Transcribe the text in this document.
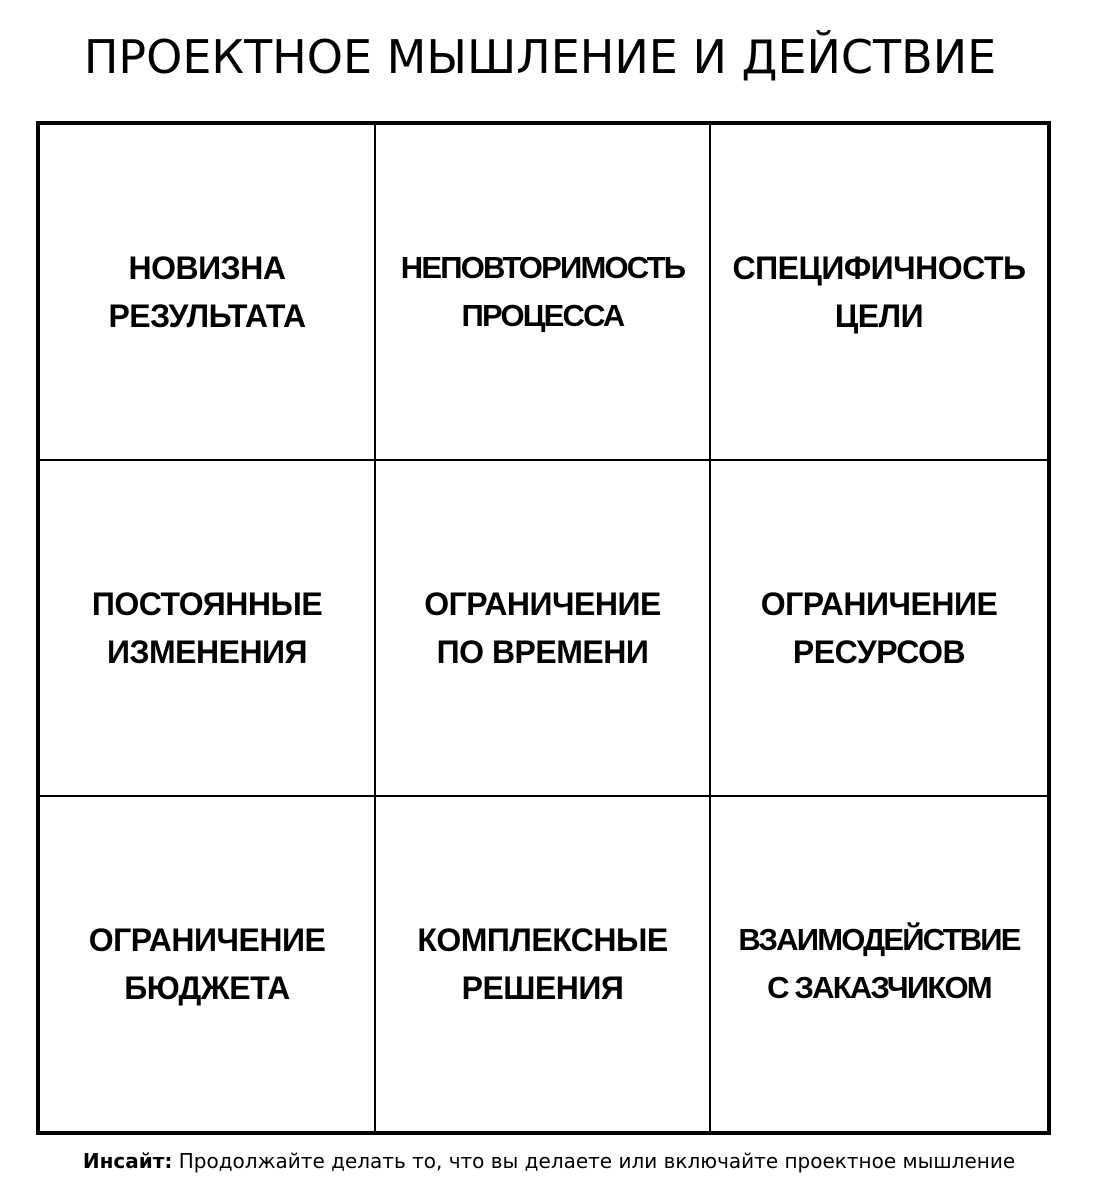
ПРОЕКТНОЕ МЫШЛЕНИЕ И ДЕЙСТВИЕ
НОВИЗНА
РЕЗУЛЬТАТА
НЕПОВТОРИМОСТЬ
ПРОЦЕССА
СПЕЦИФИЧНОСТЬ
ЦЕЛИ
ПОСТОЯННЫЕ
ИЗМЕНЕНИЯ
ОГРАНИЧЕНИЕ
ПО ВРЕМЕНИ
ОГРАНИЧЕНИЕ
РЕСУРСОВ
ОГРАНИЧЕНИЕ
БЮДЖЕТА
КОМПЛЕКСНЫЕ
РЕШЕНИЯ
ВЗАИМОДЕЙСТВИЕ
С ЗАКАЗЧИКОМ
Инсайт: Продолжайте делать то, что вы делаете или включайте проектное мышление
